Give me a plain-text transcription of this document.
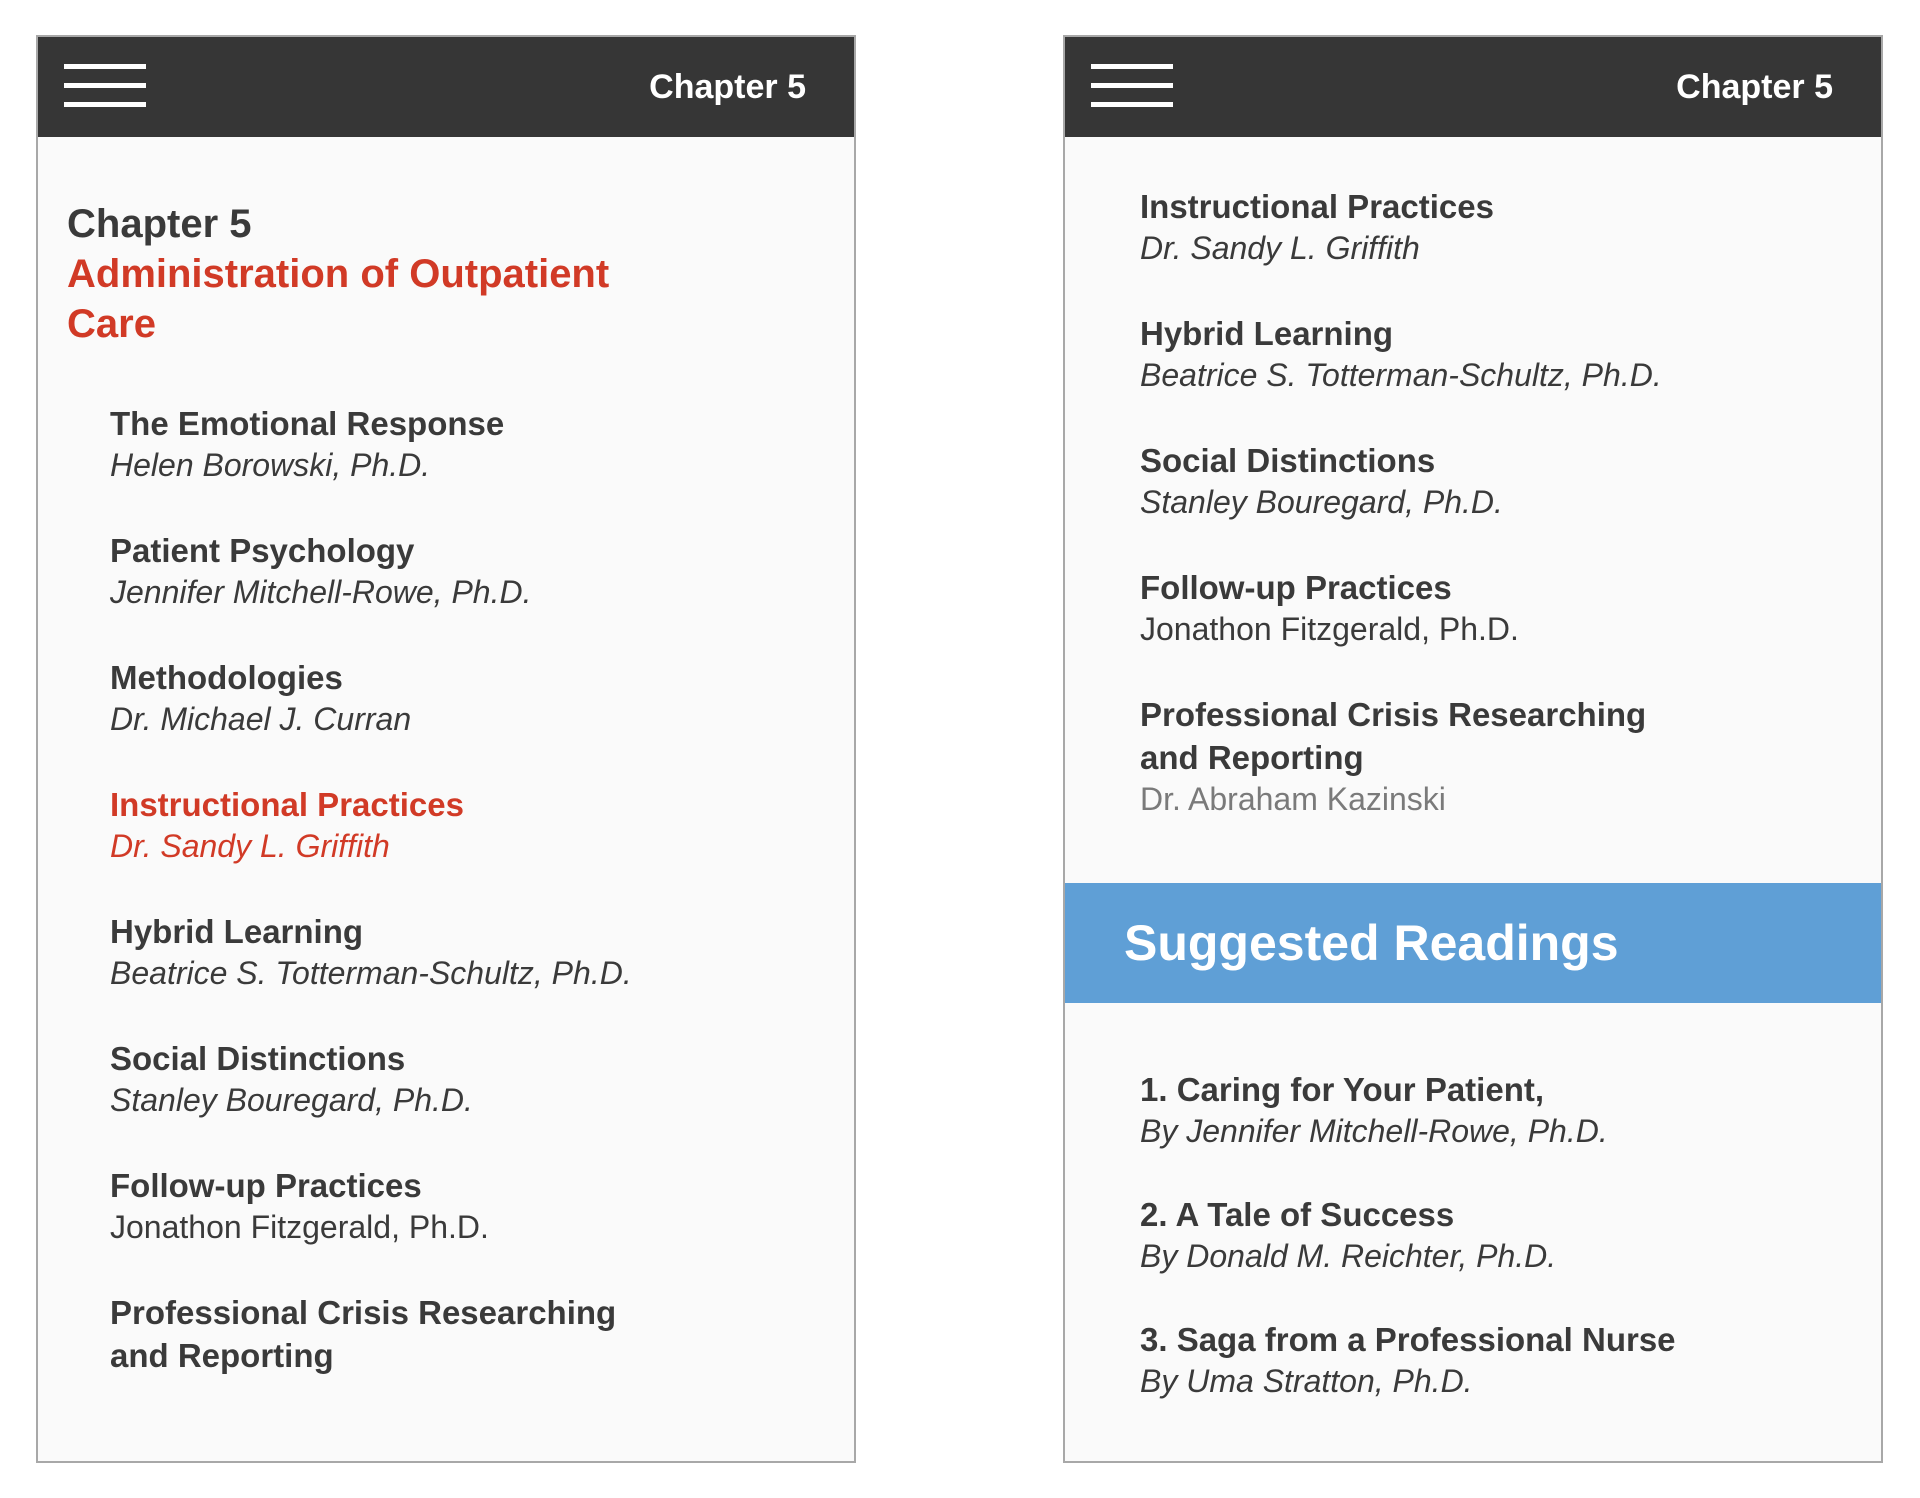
Chapter 5
Chapter 5
Administration of Outpatient
Care
The Emotional Response
Helen Borowski, Ph.D.
Patient Psychology
Jennifer Mitchell-Rowe, Ph.D.
Methodologies
Dr. Michael J. Curran
Instructional Practices
Dr. Sandy L. Griffith
Hybrid Learning
Beatrice S. Totterman-Schultz, Ph.D.
Social Distinctions
Stanley Bouregard, Ph.D.
Follow-up Practices
Jonathon Fitzgerald, Ph.D.
Professional Crisis Researching
and Reporting
Chapter 5
Instructional Practices
Dr. Sandy L. Griffith
Hybrid Learning
Beatrice S. Totterman-Schultz, Ph.D.
Social Distinctions
Stanley Bouregard, Ph.D.
Follow-up Practices
Jonathon Fitzgerald, Ph.D.
Professional Crisis Researching
and Reporting
Dr. Abraham Kazinski
Suggested Readings
1. Caring for Your Patient,
By Jennifer Mitchell-Rowe, Ph.D.
2. A Tale of Success
By Donald M. Reichter, Ph.D.
3. Saga from a Professional Nurse
By Uma Stratton, Ph.D.
